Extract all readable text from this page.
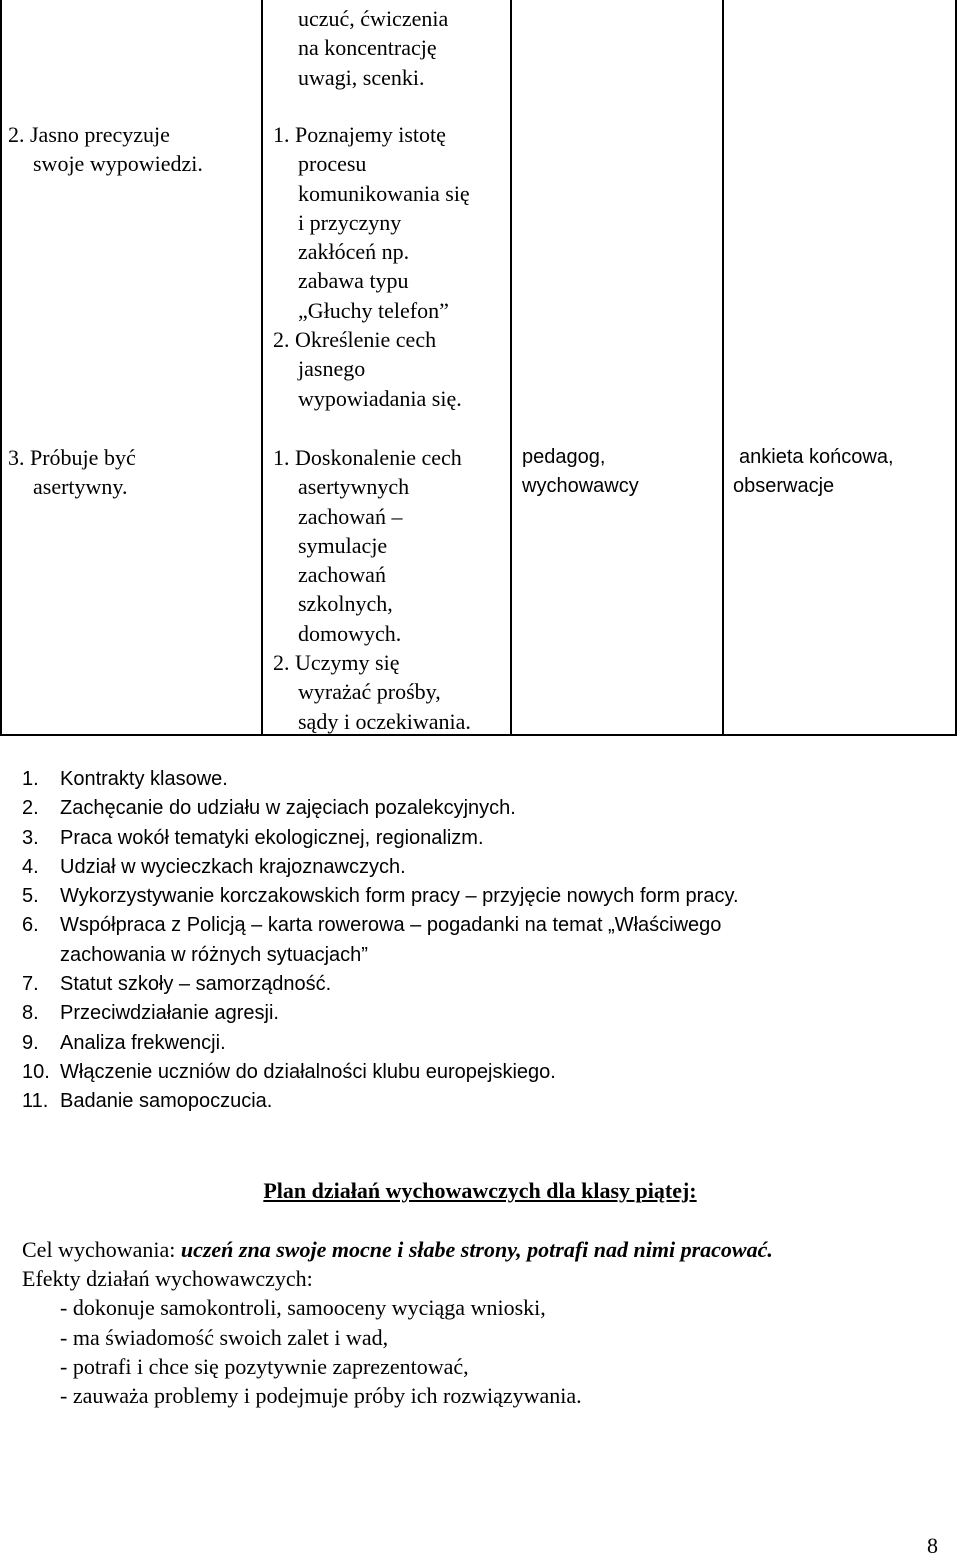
uczuć, ćwiczenia
na koncentrację
uwagi, scenki.
2. Jasno precyzuje
swoje wypowiedzi.
1. Poznajemy istotę
procesu
komunikowania się
i przyczyny
zakłóceń np.
zabawa typu
„Głuchy telefon”
2. Określenie cech
jasnego
wypowiadania się.
3. Próbuje być
asertywny.
1. Doskonalenie cech
asertywnych
zachowań –
symulacje
zachowań
szkolnych,
domowych.
2. Uczymy się
wyrażać prośby,
sądy i oczekiwania.
pedagog,
wychowawcy
ankieta końcowa,
obserwacje
1. Kontrakty klasowe.
2. Zachęcanie do udziału w zajęciach pozalekcyjnych.
3. Praca wokół tematyki ekologicznej, regionalizm.
4. Udział w wycieczkach krajoznawczych.
5. Wykorzystywanie korczakowskich form pracy – przyjęcie nowych form pracy.
6. Współpraca z Policją – karta rowerowa – pogadanki na temat „Właściwego
zachowania w różnych sytuacjach”
7. Statut szkoły – samorządność.
8. Przeciwdziałanie agresji.
9. Analiza frekwencji.
10. Włączenie uczniów do działalności klubu europejskiego.
11. Badanie samopoczucia.
Plan działań wychowawczych dla klasy piątej:
Cel wychowania: uczeń zna swoje mocne i słabe strony, potrafi nad nimi pracować.
Efekty działań wychowawczych:
- dokonuje samokontroli, samooceny wyciąga wnioski,
- ma świadomość swoich zalet i wad,
- potrafi i chce się pozytywnie zaprezentować,
- zauważa problemy i podejmuje próby ich rozwiązywania.
8
